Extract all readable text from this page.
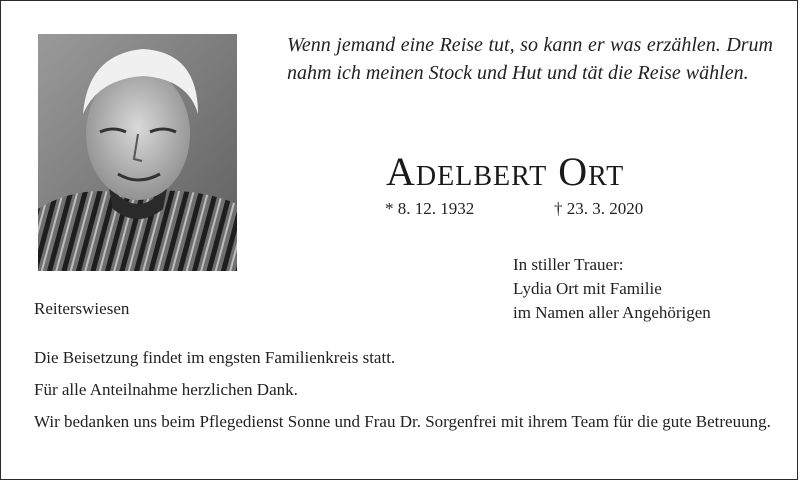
Wenn jemand eine Reise tut, so kann er was erzählen. Drum nahm ich meinen Stock und Hut und tät die Reise wählen.
Adelbert Ort
* 8. 12. 1932	† 23. 3. 2020
In stiller Trauer:
Lydia Ort mit Familie
im Namen aller Angehörigen
Reiterswiesen

Die Beisetzung findet im engsten Familienkreis statt.

Für alle Anteilnahme herzlichen Dank.

Wir bedanken uns beim Pflegedienst Sonne und Frau Dr. Sorgenfrei mit ihrem Team für die gute Betreuung.
